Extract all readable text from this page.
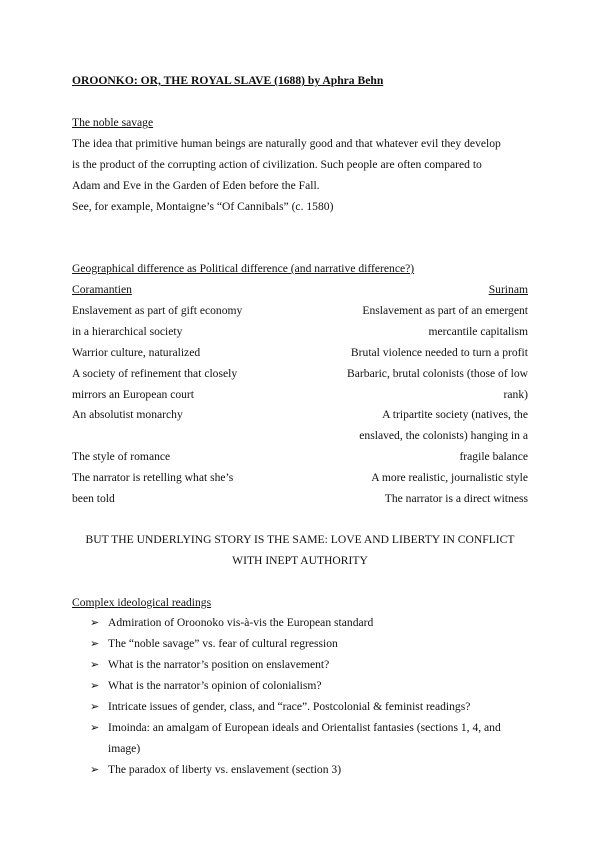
OROONKO: OR, THE ROYAL SLAVE (1688) by Aphra Behn
The noble savage
The idea that primitive human beings are naturally good and that whatever evil they develop
is the product of the corrupting action of civilization. Such people are often compared to
Adam and Eve in the Garden of Eden before the Fall.
See, for example, Montaigne’s “Of Cannibals” (c. 1580)
Geographical difference as Political difference (and narrative difference?)
Coramantien	Surinam
Enslavement as part of gift economy
in a hierarchical society
Warrior culture, naturalized
A society of refinement that closely
mirrors an European court
An absolutist monarchy
The style of romance
The narrator is retelling what she’s
been told
Enslavement as part of an emergent
mercantile capitalism
Brutal violence needed to turn a profit
Barbaric, brutal colonists (those of low
rank)
A tripartite society (natives, the
enslaved, the colonists) hanging in a
fragile balance
A more realistic, journalistic style
The narrator is a direct witness
BUT THE UNDERLYING STORY IS THE SAME: LOVE AND LIBERTY IN CONFLICT
WITH INEPT AUTHORITY
Complex ideological readings
➢ Admiration of Oroonoko vis-à-vis the European standard
➢ The “noble savage” vs. fear of cultural regression
➢ What is the narrator’s position on enslavement?
➢ What is the narrator’s opinion of colonialism?
➢ Intricate issues of gender, class, and “race”. Postcolonial & feminist readings?
➢ Imoinda: an amalgam of European ideals and Orientalist fantasies (sections 1, 4, and
image)
➢ The paradox of liberty vs. enslavement (section 3)
